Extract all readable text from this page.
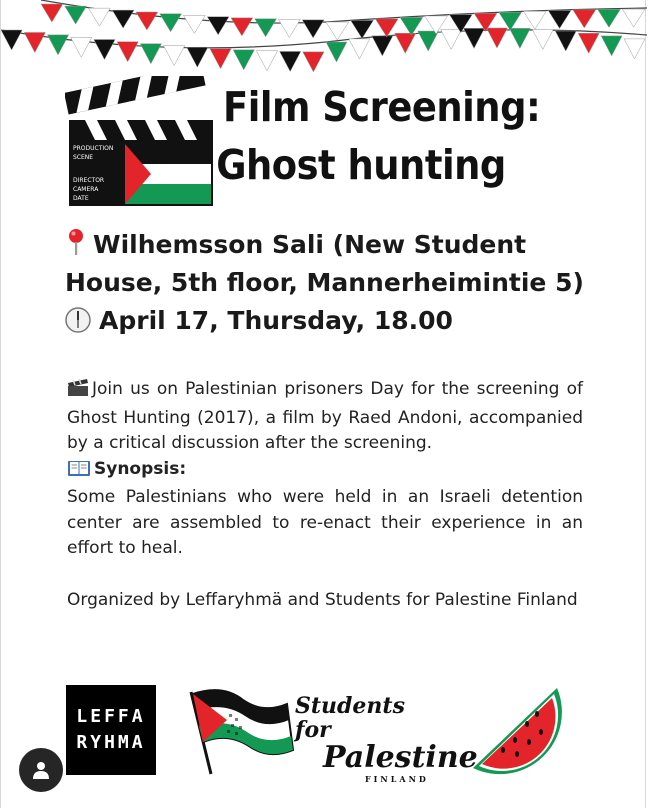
PRODUCTION
SCENE
DIRECTOR
CAMERA
DATE
Film Screening:
Ghost hunting
Wilhemsson Sali (New Student
House, 5th floor, Mannerheimintie 5)
April 17, Thursday, 18.00

Join us on Palestinian prisoners Day for the screening of Ghost Hunting (2017), a film by Raed Andoni, accompanied by a critical discussion after the screening.

Synopsis:

Some Palestinians who were held in an Israeli detention center are assembled to re-enact their experience in an effort to heal.

Organized by Leffaryhmä and Students for Palestine Finland

LEFFA
RYHMA
Students for
Palestine
FINLAND
